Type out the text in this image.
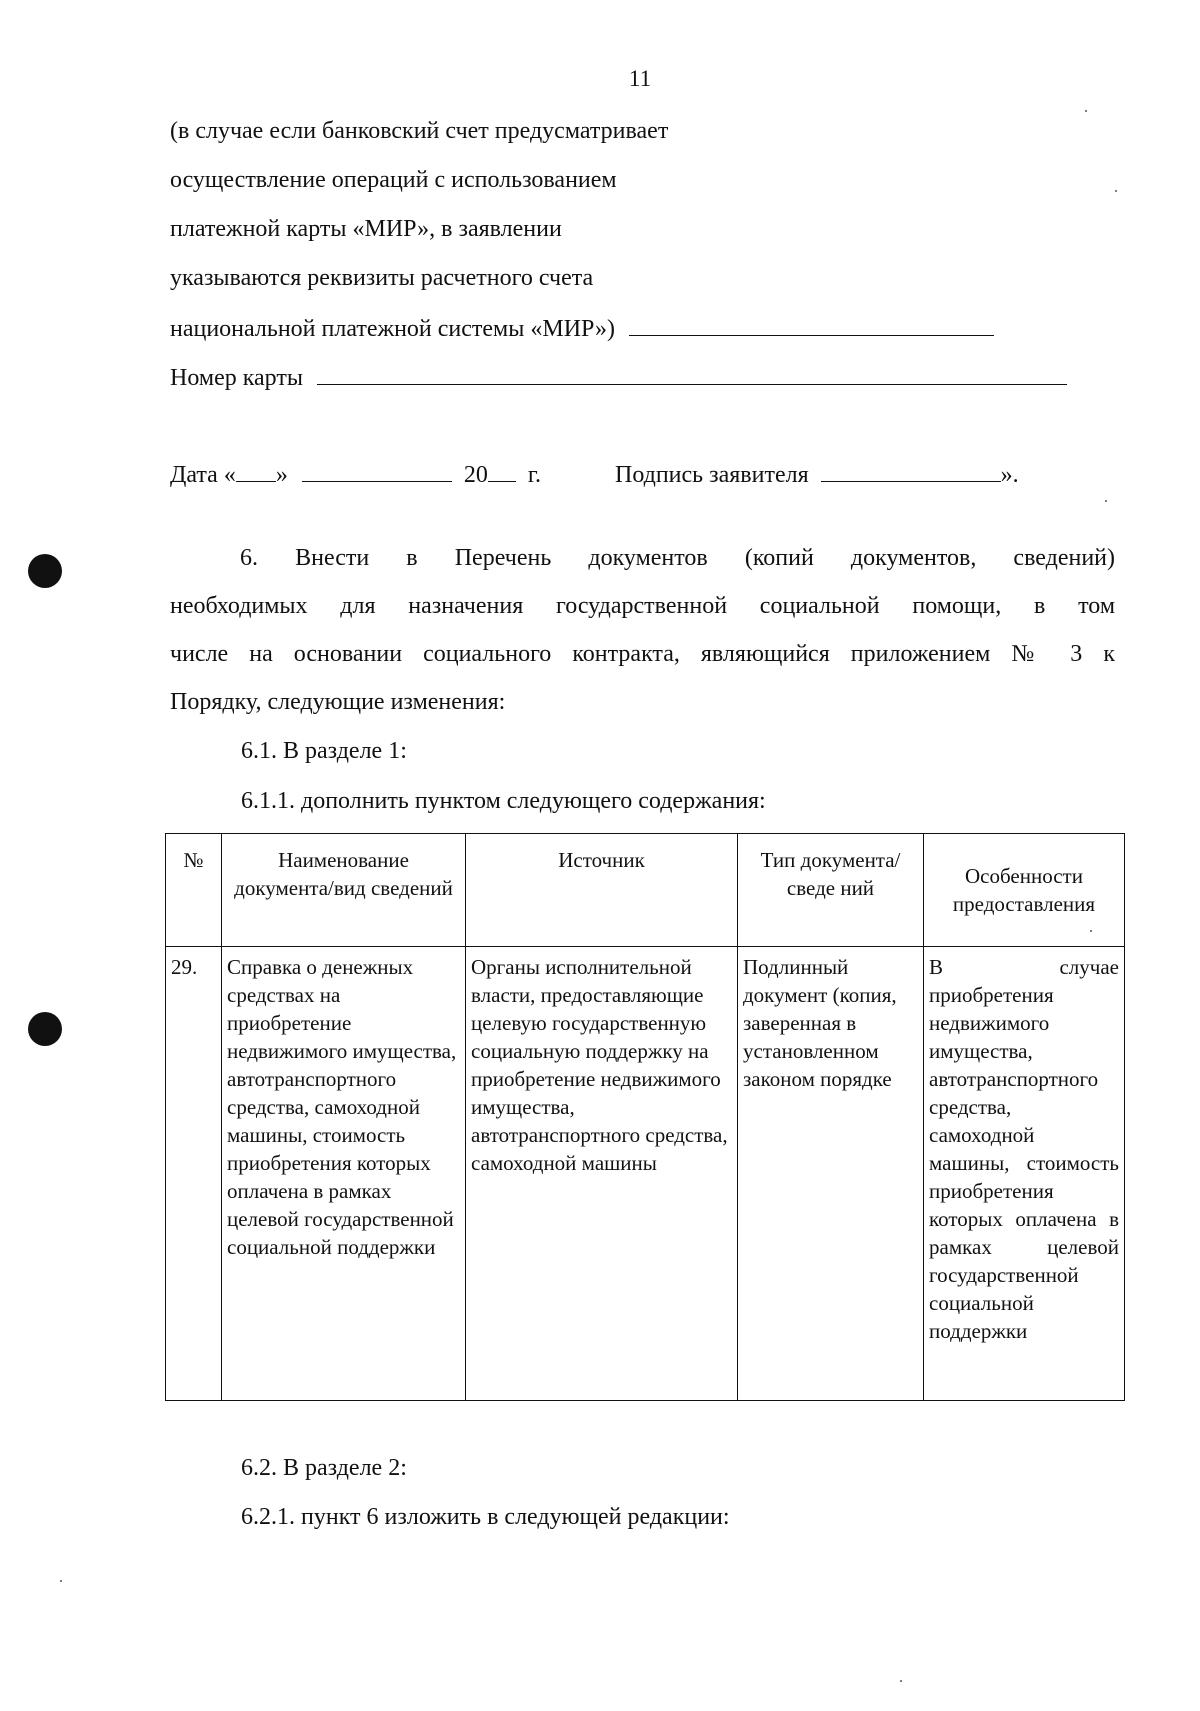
11
(в случае если банковский счет предусматривает
осуществление операций с использованием
платежной карты «МИР», в заявлении
указываются реквизиты расчетного счета
национальной платежной системы «МИР»)
Номер карты
Дата « »	20 г.	Подпись заявителя	».
6. Внести в Перечень документов (копий документов, сведений)
необходимых для назначения государственной социальной помощи, в том
числе на основании социального контракта, являющийся приложением № 3 к
Порядку, следующие изменения:
6.1. В разделе 1:
6.1.1. дополнить пунктом следующего содержания:
№	Наименование документа/вид сведений	Источник	Тип документа/сведе ний	Особенности предоставления
29.	Справка о денежных средствах на приобретение недвижимого имущества, автотранспортного средства, самоходной машины, стоимость приобретения которых оплачена в рамках целевой государственной социальной поддержки	Органы исполнительной власти, предоставляющие целевую государственную социальную поддержку на приобретение недвижимого имущества, автотранспортного средства, самоходной машины	Подлинный документ (копия, заверенная в установленном законом порядке	В случае приобретения недвижимого имущества, автотранспортного средства, самоходной машины, стоимость приобретения которых оплачена в рамках целевой государственной социальной поддержки
6.2. В разделе 2:
6.2.1. пункт 6 изложить в следующей редакции:
